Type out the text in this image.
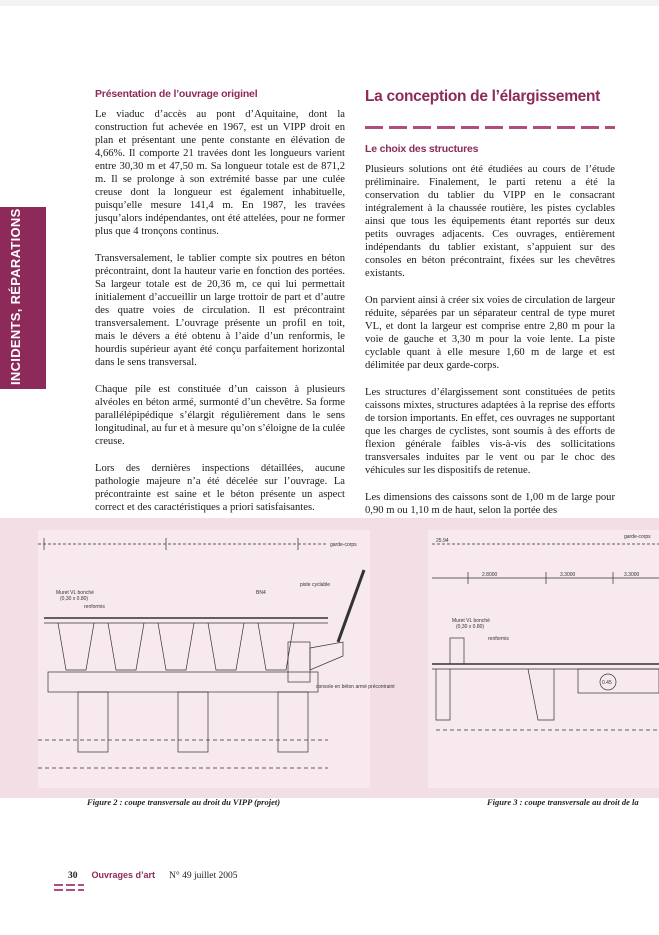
INCIDENTS, RÉPARATIONS
Présentation de l’ouvrage originel

Le viaduc d’accès au pont d’Aquitaine, dont la construction fut achevée en 1967, est un VIPP droit en plan et présentant une pente constante en élévation de 4,66%. Il comporte 21 travées dont les longueurs varient entre 30,30 m et 47,50 m. Sa longueur totale est de 871,2 m. Il se prolonge à son extrémité basse par une culée creuse dont la longueur est également inhabituelle, puisqu’elle mesure 141,4 m. En 1987, les travées jusqu’alors indépendantes, ont été attelées, pour ne former plus que 4 tronçons continus.

Transversalement, le tablier compte six poutres en béton précontraint, dont la hauteur varie en fonction des portées. Sa largeur totale est de 20,36 m, ce qui lui permettait initialement d’accueillir un large trottoir de part et d’autre des quatre voies de circulation. Il est précontraint transversalement. L’ouvrage présente un profil en toit, mais le dévers a été obtenu à l’aide d’un renformis, le hourdis supérieur ayant été conçu parfaitement horizontal dans le sens transversal.

Chaque pile est constituée d’un caisson à plusieurs alvéoles en béton armé, surmonté d’un chevêtre. Sa forme parallélépipédique s’élargit régulièrement dans le sens longitudinal, au fur et à mesure qu’on s’éloigne de la culée creuse.

Lors des dernières inspections détaillées, aucune pathologie majeure n’a été décelée sur l’ouvrage. La précontrainte est saine et le béton présente un aspect correct et des caractéristiques a priori satisfaisantes.

La conception de l’élargissement
Le choix des structures

Plusieurs solutions ont été étudiées au cours de l’étude préliminaire. Finalement, le parti retenu a été la conservation du tablier du VIPP en le consacrant intégralement à la chaussée routière, les pistes cyclables ainsi que tous les équipements étant reportés sur deux petits ouvrages adjacents. Ces ouvrages, entièrement indépendants du tablier existant, s’appuient sur des consoles en béton précontraint, fixées sur les chevêtres existants.

On parvient ainsi à créer six voies de circulation de largeur réduite, séparées par un séparateur central de type muret VL, et dont la largeur est comprise entre 2,80 m pour la voie de gauche et 3,30 m pour la voie lente. La piste cyclable quant à elle mesure 1,60 m de large et est délimitée par deux garde-corps.

Les structures d’élargissement sont constituées de petits caissons mixtes, structures adaptées à la reprise des efforts de torsion importants. En effet, ces ouvrages ne supportant que les charges de cyclistes, sont soumis à des efforts de flexion générale faibles vis-à-vis des sollicitations transversales induites par le vent ou par le choc des véhicules sur les dispositifs de retenue.

Les dimensions des caissons sont de 1,00 m de large pour 0,90 m ou 1,10 m de haut, selon la portée des

piste cyclable
Muret VL bonché
(0,30 x 0.80)
renformis
BN4
console en béton armé précontraint
garde-corps
25.94
2.8000	3.3000	3.3000
Muret VL bonché
(0,30 x 0.80)
renformis
0.45
garde-corps
Figure 2 : coupe transversale au droit du VIPP (projet)	Figure 3 : coupe transversale au droit de la
30 Ouvrages d’art N° 49 juillet 2005
